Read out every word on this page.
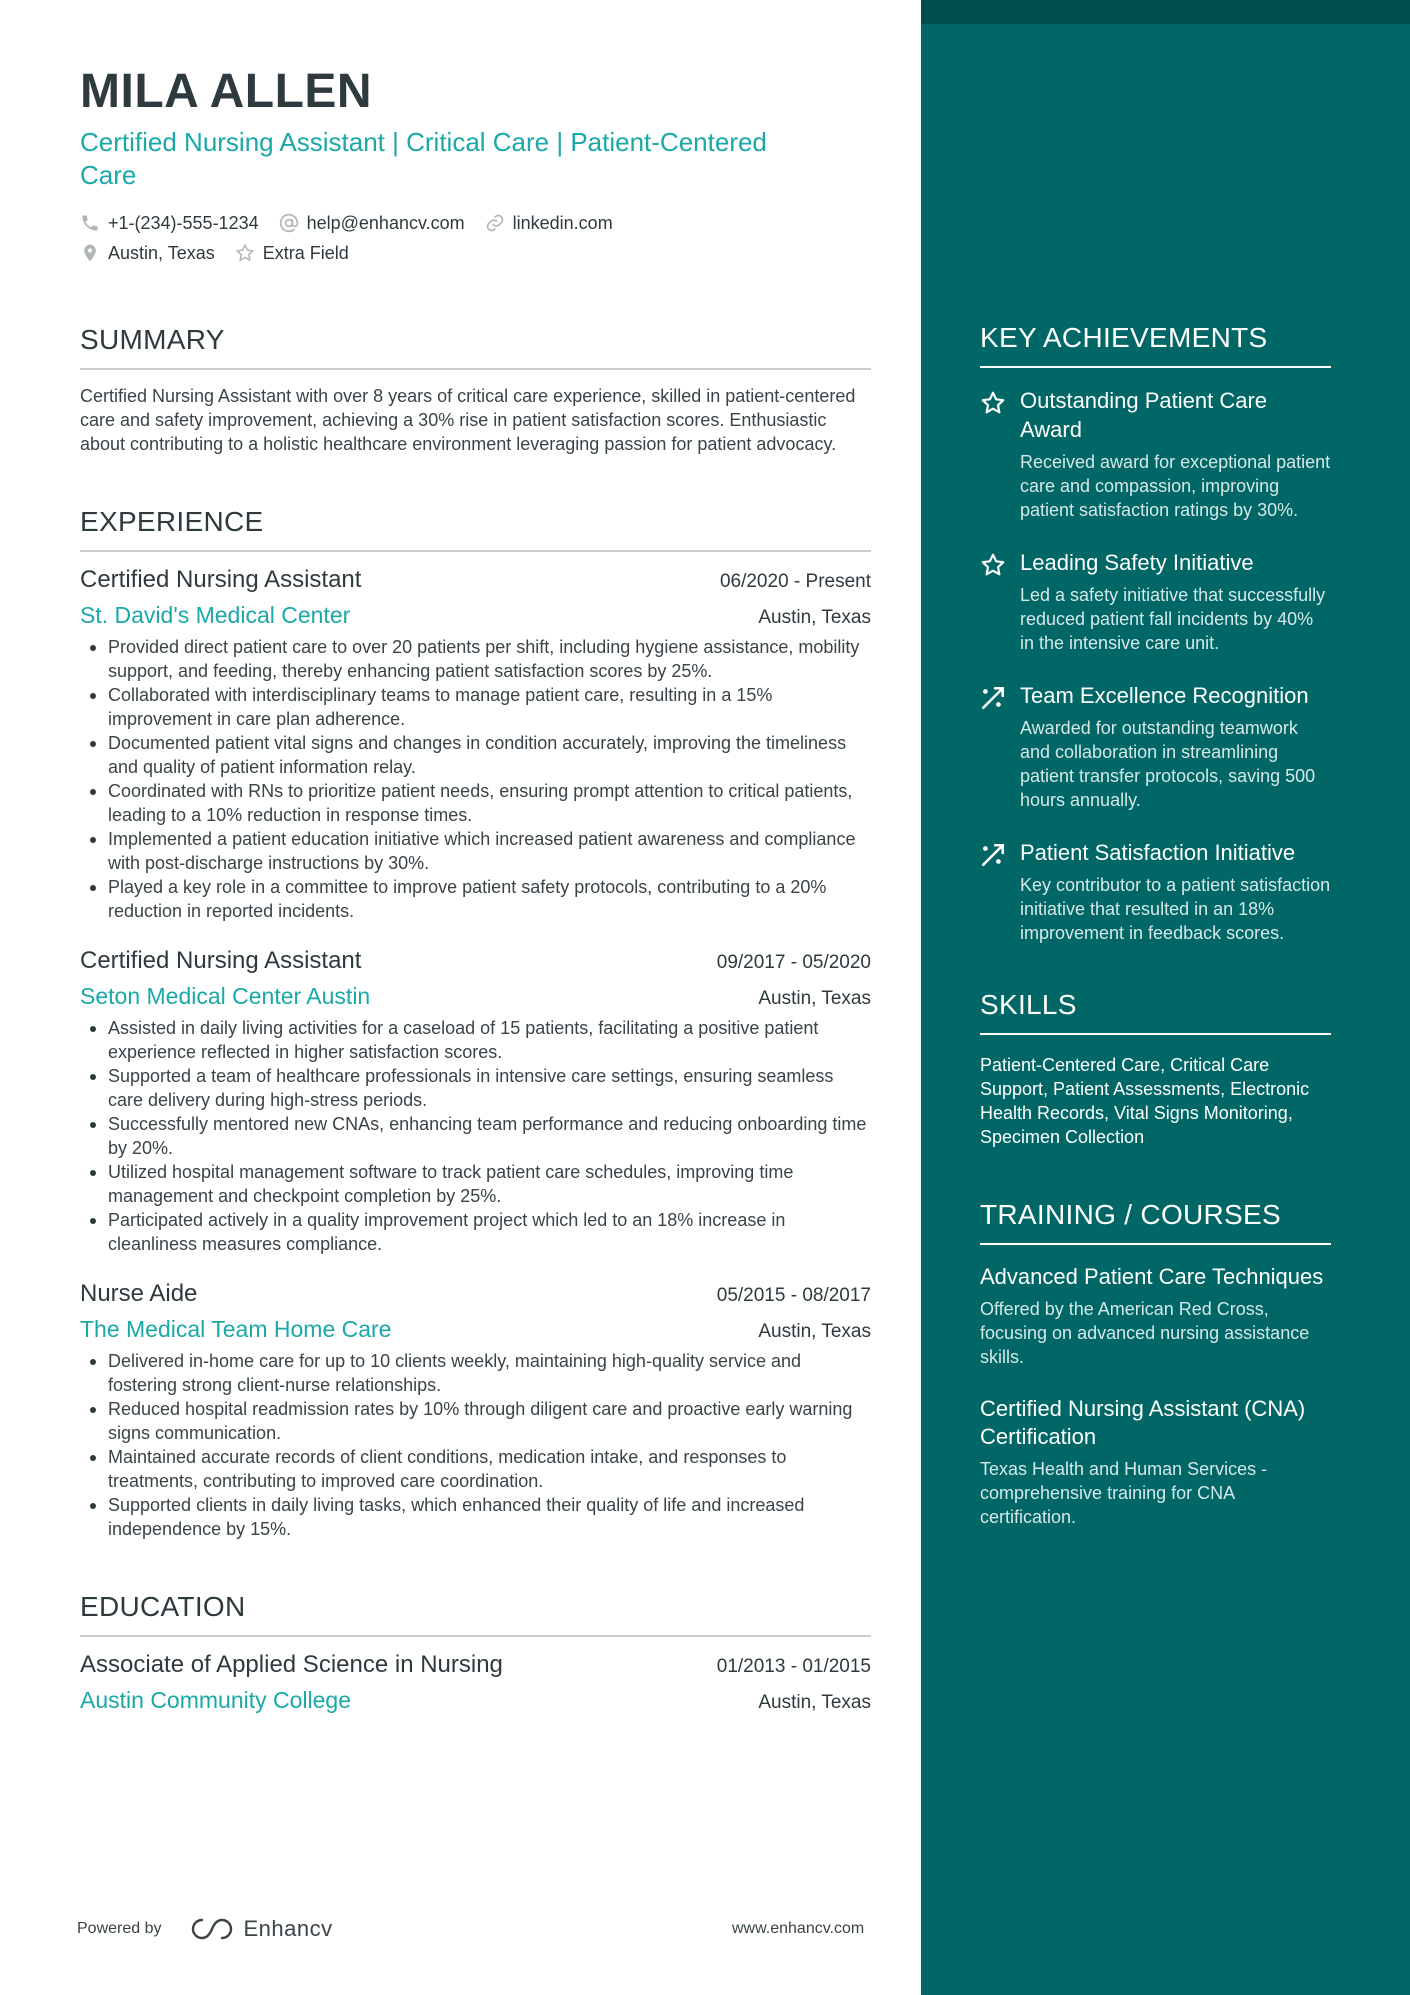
KEY ACHIEVEMENTS
Outstanding Patient Care Award
Received award for exceptional patient care and compassion, improving patient satisfaction ratings by 30%.
Leading Safety Initiative
Led a safety initiative that successfully reduced patient fall incidents by 40% in the intensive care unit.
Team Excellence Recognition
Awarded for outstanding teamwork and collaboration in streamlining patient transfer protocols, saving 500 hours annually.
Patient Satisfaction Initiative
Key contributor to a patient satisfaction initiative that resulted in an 18% improvement in feedback scores.
SKILLS
Patient-Centered Care, Critical Care Support, Patient Assessments, Electronic Health Records, Vital Signs Monitoring, Specimen Collection
TRAINING / COURSES
Advanced Patient Care Techniques
Offered by the American Red Cross, focusing on advanced nursing assistance skills.
Certified Nursing Assistant (CNA) Certification
Texas Health and Human Services - comprehensive training for CNA certification.
MILA ALLEN
Certified Nursing Assistant | Critical Care | Patient-Centered Care
+1-(234)-555-1234	help@enhancv.com	linkedin.com
Austin, Texas	Extra Field
SUMMARY
Certified Nursing Assistant with over 8 years of critical care experience, skilled in patient-centered care and safety improvement, achieving a 30% rise in patient satisfaction scores. Enthusiastic about contributing to a holistic healthcare environment leveraging passion for patient advocacy.
EXPERIENCE
Certified Nursing Assistant	06/2020 - Present
St. David's Medical Center	Austin, Texas
Provided direct patient care to over 20 patients per shift, including hygiene assistance, mobility support, and feeding, thereby enhancing patient satisfaction scores by 25%.
Collaborated with interdisciplinary teams to manage patient care, resulting in a 15% improvement in care plan adherence.
Documented patient vital signs and changes in condition accurately, improving the timeliness and quality of patient information relay.
Coordinated with RNs to prioritize patient needs, ensuring prompt attention to critical patients, leading to a 10% reduction in response times.
Implemented a patient education initiative which increased patient awareness and compliance with post-discharge instructions by 30%.
Played a key role in a committee to improve patient safety protocols, contributing to a 20% reduction in reported incidents.
Certified Nursing Assistant	09/2017 - 05/2020
Seton Medical Center Austin	Austin, Texas
Assisted in daily living activities for a caseload of 15 patients, facilitating a positive patient experience reflected in higher satisfaction scores.
Supported a team of healthcare professionals in intensive care settings, ensuring seamless care delivery during high-stress periods.
Successfully mentored new CNAs, enhancing team performance and reducing onboarding time by 20%.
Utilized hospital management software to track patient care schedules, improving time management and checkpoint completion by 25%.
Participated actively in a quality improvement project which led to an 18% increase in cleanliness measures compliance.
Nurse Aide	05/2015 - 08/2017
The Medical Team Home Care	Austin, Texas
Delivered in-home care for up to 10 clients weekly, maintaining high-quality service and fostering strong client-nurse relationships.
Reduced hospital readmission rates by 10% through diligent care and proactive early warning signs communication.
Maintained accurate records of client conditions, medication intake, and responses to treatments, contributing to improved care coordination.
Supported clients in daily living tasks, which enhanced their quality of life and increased independence by 15%.
EDUCATION
Associate of Applied Science in Nursing	01/2013 - 01/2015
Austin Community College	Austin, Texas
Powered by	Enhancv	www.enhancv.com
